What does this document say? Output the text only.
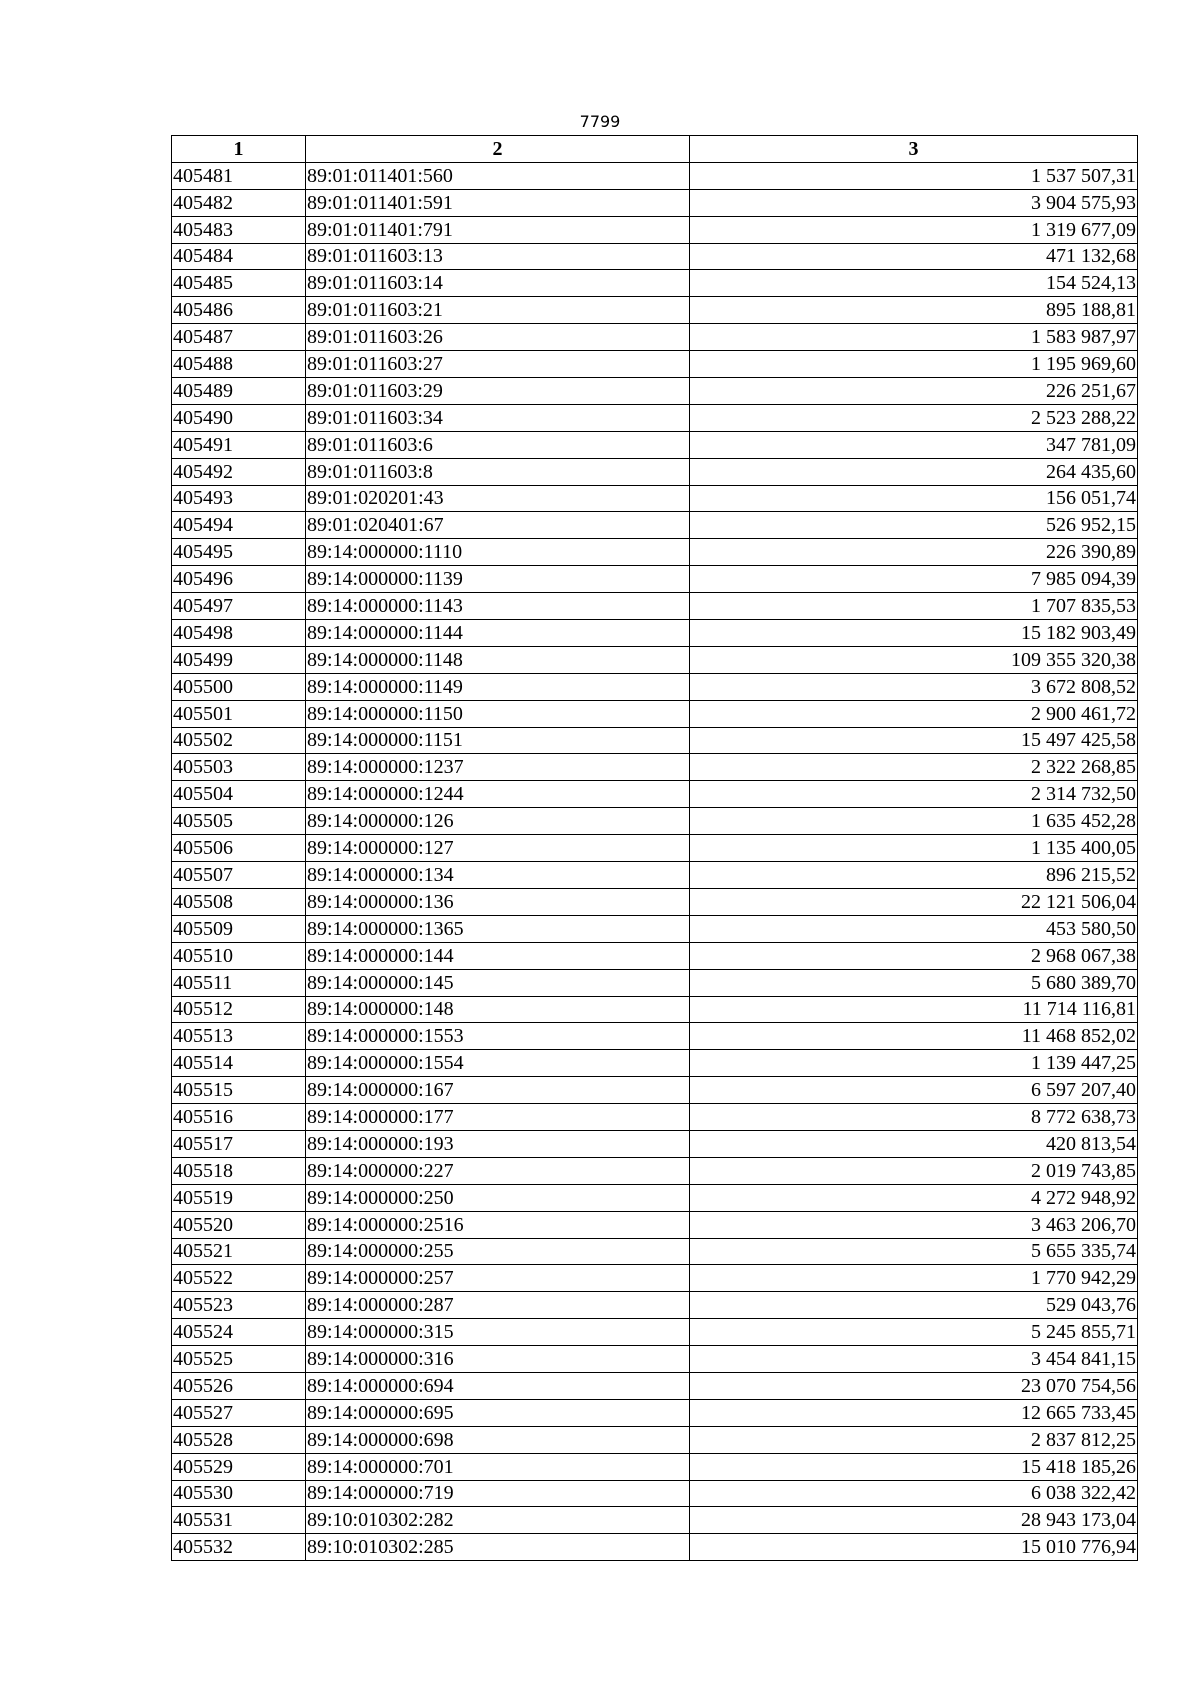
7799
1	2	3
405481	89:01:011401:560	1 537 507,31
405482	89:01:011401:591	3 904 575,93
405483	89:01:011401:791	1 319 677,09
405484	89:01:011603:13	471 132,68
405485	89:01:011603:14	154 524,13
405486	89:01:011603:21	895 188,81
405487	89:01:011603:26	1 583 987,97
405488	89:01:011603:27	1 195 969,60
405489	89:01:011603:29	226 251,67
405490	89:01:011603:34	2 523 288,22
405491	89:01:011603:6	347 781,09
405492	89:01:011603:8	264 435,60
405493	89:01:020201:43	156 051,74
405494	89:01:020401:67	526 952,15
405495	89:14:000000:1110	226 390,89
405496	89:14:000000:1139	7 985 094,39
405497	89:14:000000:1143	1 707 835,53
405498	89:14:000000:1144	15 182 903,49
405499	89:14:000000:1148	109 355 320,38
405500	89:14:000000:1149	3 672 808,52
405501	89:14:000000:1150	2 900 461,72
405502	89:14:000000:1151	15 497 425,58
405503	89:14:000000:1237	2 322 268,85
405504	89:14:000000:1244	2 314 732,50
405505	89:14:000000:126	1 635 452,28
405506	89:14:000000:127	1 135 400,05
405507	89:14:000000:134	896 215,52
405508	89:14:000000:136	22 121 506,04
405509	89:14:000000:1365	453 580,50
405510	89:14:000000:144	2 968 067,38
405511	89:14:000000:145	5 680 389,70
405512	89:14:000000:148	11 714 116,81
405513	89:14:000000:1553	11 468 852,02
405514	89:14:000000:1554	1 139 447,25
405515	89:14:000000:167	6 597 207,40
405516	89:14:000000:177	8 772 638,73
405517	89:14:000000:193	420 813,54
405518	89:14:000000:227	2 019 743,85
405519	89:14:000000:250	4 272 948,92
405520	89:14:000000:2516	3 463 206,70
405521	89:14:000000:255	5 655 335,74
405522	89:14:000000:257	1 770 942,29
405523	89:14:000000:287	529 043,76
405524	89:14:000000:315	5 245 855,71
405525	89:14:000000:316	3 454 841,15
405526	89:14:000000:694	23 070 754,56
405527	89:14:000000:695	12 665 733,45
405528	89:14:000000:698	2 837 812,25
405529	89:14:000000:701	15 418 185,26
405530	89:14:000000:719	6 038 322,42
405531	89:10:010302:282	28 943 173,04
405532	89:10:010302:285	15 010 776,94
